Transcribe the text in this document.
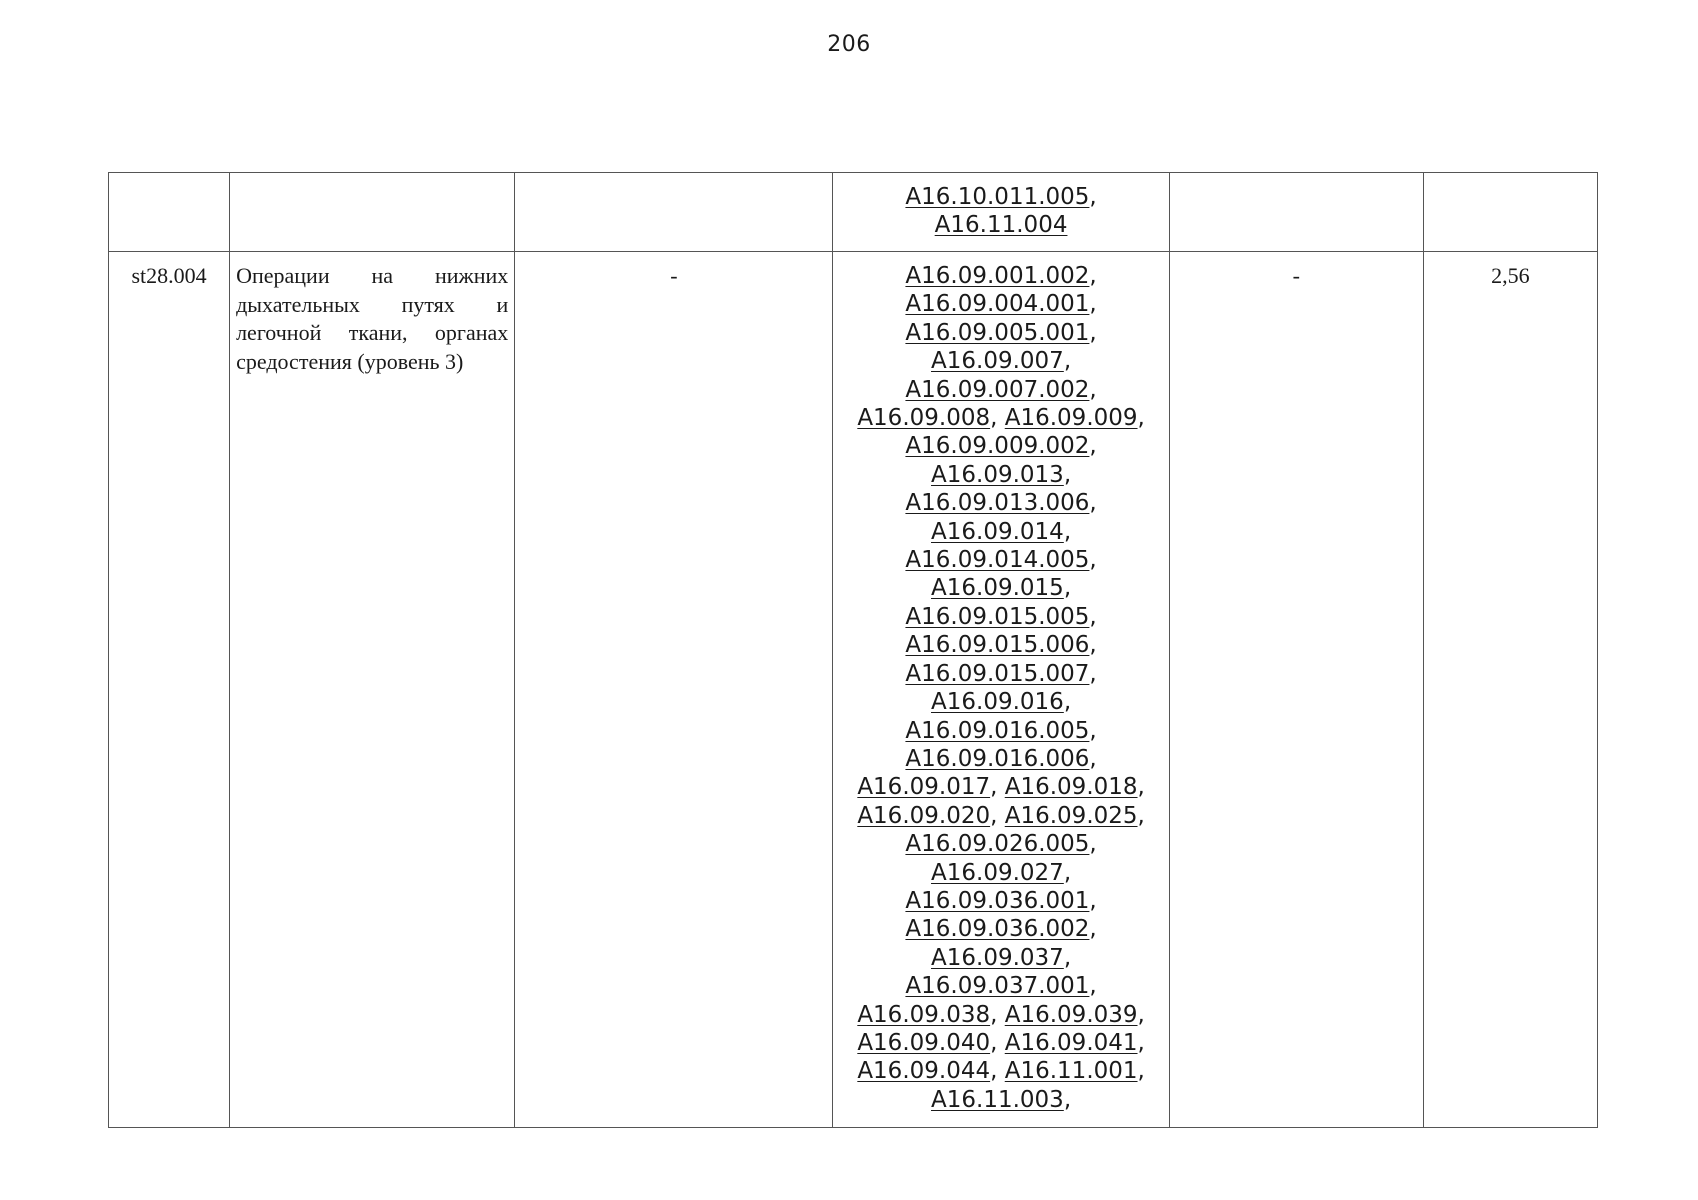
206
			A16.10.011.005, A16.11.004		
st28.004	Операции на нижних дыхательных путях и легочной ткани, органах средостения (уровень 3)	-	A16.09.001.002, A16.09.004.001, A16.09.005.001, A16.09.007, A16.09.007.002, A16.09.008, A16.09.009, A16.09.009.002, A16.09.013, A16.09.013.006, A16.09.014, A16.09.014.005, A16.09.015, A16.09.015.005, A16.09.015.006, A16.09.015.007, A16.09.016, A16.09.016.005, A16.09.016.006, A16.09.017, A16.09.018, A16.09.020, A16.09.025, A16.09.026.005, A16.09.027, A16.09.036.001, A16.09.036.002, A16.09.037, A16.09.037.001, A16.09.038, A16.09.039, A16.09.040, A16.09.041, A16.09.044, A16.11.001, A16.11.003,	-	2,56
